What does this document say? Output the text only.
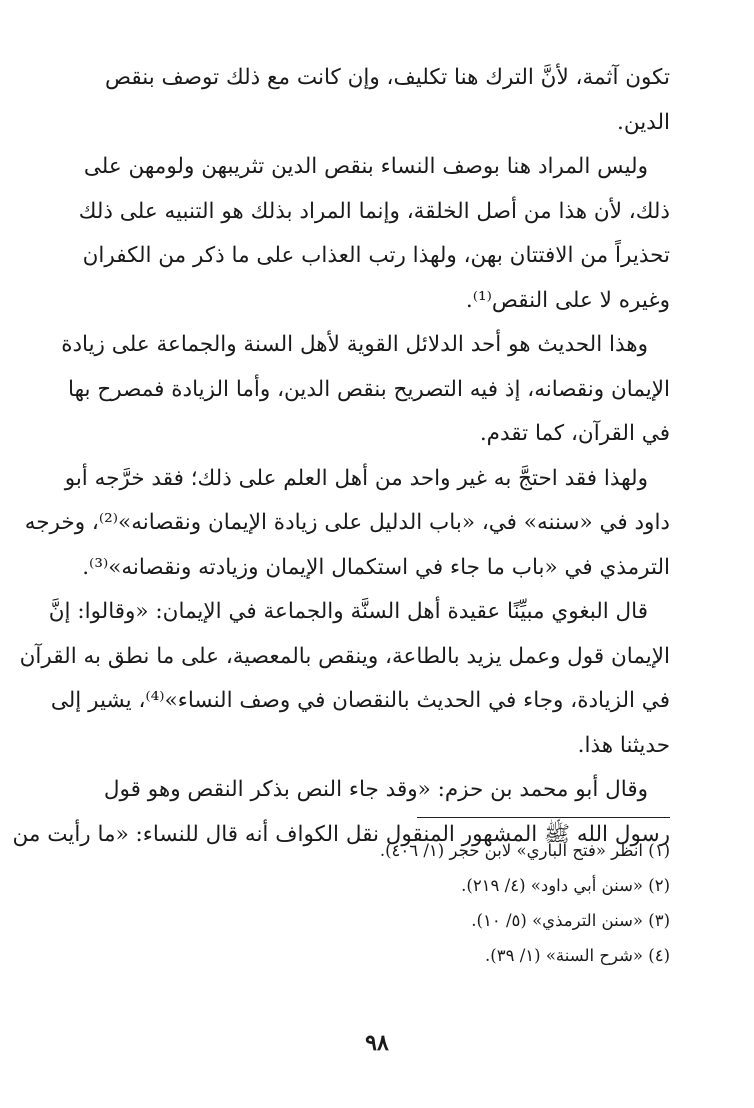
تكون آثمة، لأنَّ الترك هنا تكليف، وإن كانت مع ذلك توصف بنقص
الدين.
وليس المراد هنا بوصف النساء بنقص الدين تثريبهن ولومهن على
ذلك، لأن هذا من أصل الخلقة، وإنما المراد بذلك هو التنبيه على ذلك
تحذيراً من الافتتان بهن، ولهذا رتب العذاب على ما ذكر من الكفران
وغيره لا على النقص⁽¹⁾.
وهذا الحديث هو أحد الدلائل القوية لأهل السنة والجماعة على زيادة
الإيمان ونقصانه، إذ فيه التصريح بنقص الدين، وأما الزيادة فمصرح بها
في القرآن، كما تقدم.
ولهذا فقد احتجَّ به غير واحد من أهل العلم على ذلك؛ فقد خرَّجه أبو
داود في «سننه» في، «باب الدليل على زيادة الإيمان ونقصانه»⁽²⁾، وخرجه
الترمذي في «باب ما جاء في استكمال الإيمان وزيادته ونقصانه»⁽³⁾.
قال البغوي مبيِّنًا عقيدة أهل السنَّة والجماعة في الإيمان: «وقالوا: إنَّ
الإيمان قول وعمل يزيد بالطاعة، وينقص بالمعصية، على ما نطق به القرآن
في الزيادة، وجاء في الحديث بالنقصان في وصف النساء»⁽⁴⁾، يشير إلى
حديثنا هذا.
وقال أبو محمد بن حزم: «وقد جاء النص بذكر النقص وهو قول
رسول الله ﷺ المشهور المنقول نقل الكواف أنه قال للنساء: «ما رأيت من
(١) انظر «فتح الباري» لابن حجر (١/ ٤٠٦).
(٢) «سنن أبي داود» (٤/ ٢١٩).
(٣) «سنن الترمذي» (٥/ ١٠).
(٤) «شرح السنة» (١/ ٣٩).
٩٨
